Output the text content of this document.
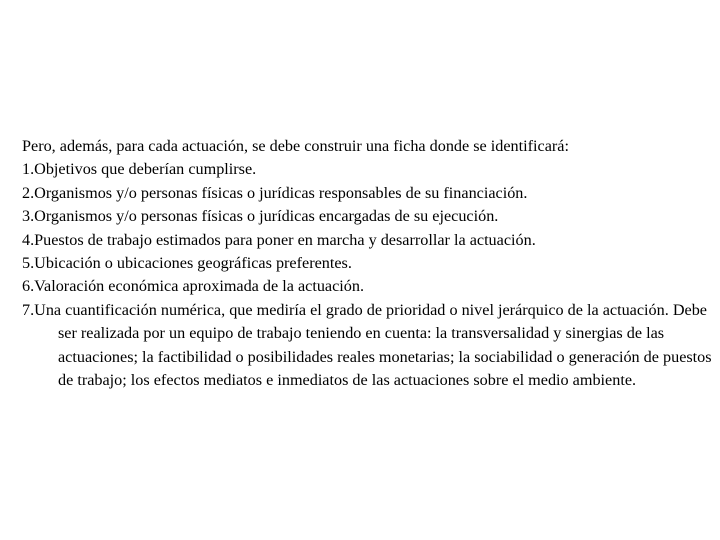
Pero, además, para cada actuación, se debe construir una ficha donde se identificará:

1.Objetivos que deberían cumplirse.
2.Organismos y/o personas físicas o jurídicas responsables de su financiación.
3.Organismos y/o personas físicas o jurídicas encargadas de su ejecución.
4.Puestos de trabajo estimados para poner en marcha y desarrollar la actuación.
5.Ubicación o ubicaciones geográficas preferentes.
6.Valoración económica aproximada de la actuación.
7.Una cuantificación numérica, que mediría el grado de prioridad o nivel jerárquico de la actuación. Debe ser realizada por un equipo de trabajo teniendo en cuenta: la transversalidad y sinergias de las actuaciones; la factibilidad o posibilidades reales monetarias; la sociabilidad o generación de puestos de trabajo; los efectos mediatos e inmediatos de las actuaciones sobre el medio ambiente.
